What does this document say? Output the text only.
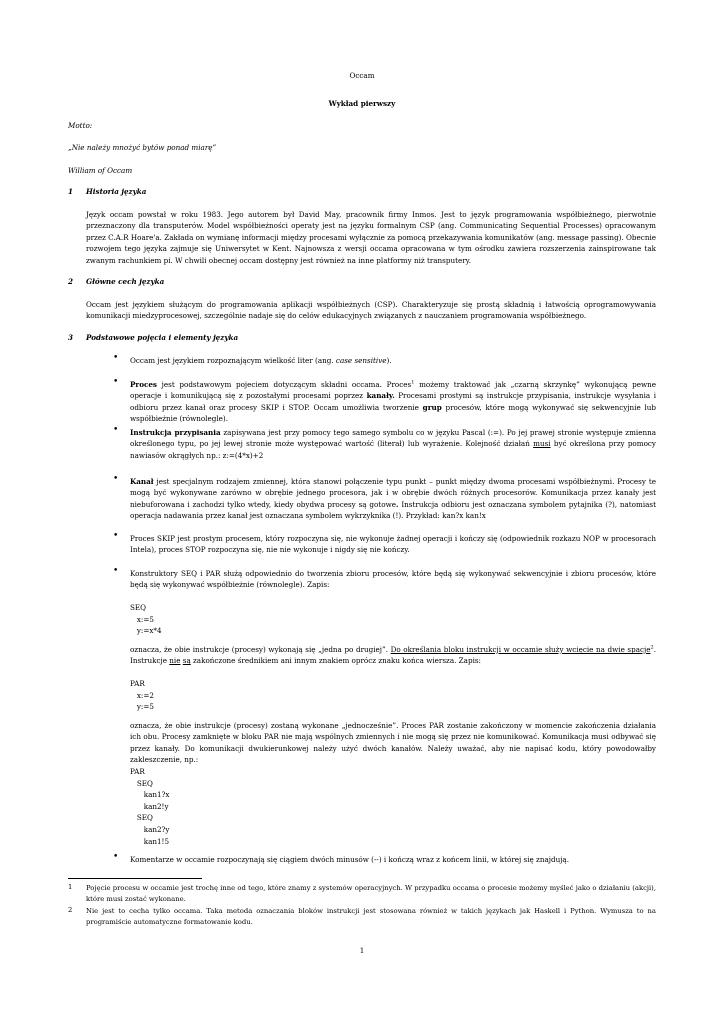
Occam
Wykład pierwszy
Motto:
„Nie należy mnożyć bytów ponad miarę”
William of Occam
1	Historia języka
Język occam powstał w roku 1983. Jego autorem był David May, pracownik firmy Inmos. Jest to język programowania współbieżnego, pierwotnie przeznaczony dla transputerów. Model współbieżności operaty jest na języku formalnym CSP (ang. Communicating Sequential Processes) opracowanym przez C.A.R Hoare'a. Zakłada on wymianę informacji między procesami wyłącznie za pomocą przekazywania komunikatów (ang. message passing). Obecnie rozwojem tego języka zajmuje się Uniwersytet w Kent. Najnowsza z wersji occama opracowana w tym ośrodku zawiera rozszerzenia zainspirowane tak zwanym rachunkiem pi. W chwili obecnej occam dostępny jest również na inne platformy niż transputery.
2	Główne cech języka
Occam jest językiem służącym do programowania aplikacji współbieżnych (CSP). Charakteryzuje się prostą składnią i łatwością oprogramowywania komunikacji miedzyprocesowej, szczególnie nadaje się do celów edukacyjnych związanych z nauczaniem programowania współbieżnego.
3	Podstawowe pojęcia i elementy języka
•	Occam jest językiem rozpoznającym wielkość liter (ang. case sensitive).
•	Proces jest podstawowym pojeciem dotyczącym składni occama. Proces$^1$ możemy traktować jak „czarną skrzynkę” wykonującą pewne operacje i komunikującą się z pozostałymi procesami poprzez kanały. Procesami prostymi są instrukcje przypisania, instrukcje wysyłania i odbioru przez kanał oraz procesy SKIP i STOP. Occam umożliwia tworzenie grup procesów, które mogą wykonywać się sekwencyjnie lub współbieżnie (równolegle).
•	Instrukcja przypisania zapisywana jest przy pomocy tego samego symbolu co w języku Pascal (:=). Po jej prawej stronie występuje zmienna określonego typu, po jej lewej stronie może występować wartość (literał) lub wyrażenie. Kolejność działań musi być określona przy pomocy nawiasów okrągłych np.: z:=(4*x)+2
•	Kanał jest specjalnym rodzajem zmiennej, która stanowi połączenie typu punkt – punkt między dwoma procesami współbieżnymi. Procesy te mogą być wykonywane zarówno w obrębie jednego procesora, jak i w obrębie dwóch różnych procesorów. Komunikacja przez kanały jest niebuforowana i zachodzi tylko wtedy, kiedy obydwa procesy są gotowe. Instrukcja odbioru jest oznaczana symbolem pytajnika (?), natomiast operacja nadawania przez kanał jest oznaczana symbolem wykrzyknika (!). Przykład: kan?x kan!x
•	Proces SKIP jest prostym procesem, który rozpoczyna się, nie wykonuje żadnej operacji i kończy się (odpowiednik rozkazu NOP w procesorach Intela), proces STOP rozpoczyna się, nie nie wykonuje i nigdy się nie kończy.
•	Konstruktory SEQ i PAR służą odpowiednio do tworzenia zbioru procesów, które będą się wykonywać sekwencyjnie i zbioru procesów, które będą się wykonywać współbieżnie (równolegle). Zapis:
SEQ
x:=5
y:=x*4
oznacza, że obie instrukcje (procesy) wykonają się „jedna po drugiej”. Do określania bloku instrukcji w occamie służy wcięcie na dwie spacje$^2$. Instrukcje nie są zakończone średnikiem ani innym znakiem oprócz znaku końca wiersza. Zapis:
PAR
x:=2
y:=5
oznacza, że obie instrukcje (procesy) zostaną wykonane „jednocześnie”. Proces PAR zostanie zakończony w momencie zakończenia działania ich obu. Procesy zamknięte w bloku PAR nie mają wspólnych zmiennych i nie mogą się przez nie komunikować. Komunikacja musi odbywać się przez kanały. Do komunikacji dwukierunkowej należy użyć dwóch kanałów. Należy uważać, aby nie napisać kodu, który powodowałby zakleszczenie, np.:
PAR
SEQ
kan1?x
kan2!y
SEQ
kan2?y
kan1!5
•	Komentarze w occamie rozpoczynają się ciągiem dwóch minusów (--) i kończą wraz z końcem linii, w której się znajdują.
1	Pojęcie procesu w occamie jest trochę inne od tego, które znamy z systemów operacyjnych. W przypadku occama o procesie możemy myśleć jako o działaniu (akcji), które musi zostać wykonane.
2	Nie jest to cecha tylko occama. Taka metoda oznaczania bloków instrukcji jest stosowana również w takich językach jak Haskell i Python. Wymusza to na programiście automatyczne formatowanie kodu.
1
